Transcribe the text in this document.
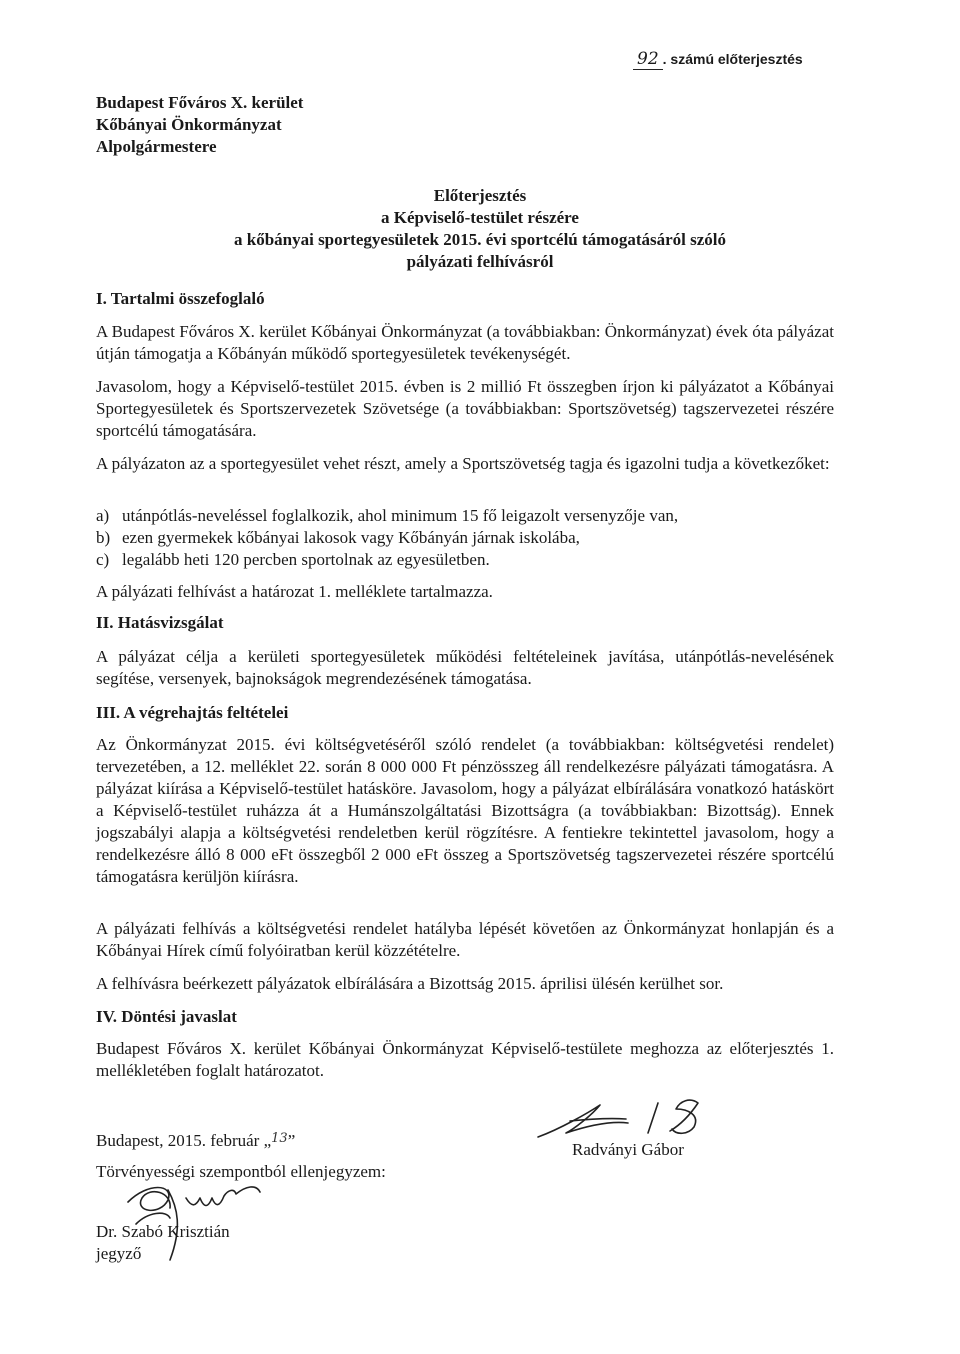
92 . számú előterjesztés
Budapest Főváros X. kerület
Kőbányai Önkormányzat
Alpolgármestere
Előterjesztés
a Képviselő-testület részére
a kőbányai sportegyesületek 2015. évi sportcélú támogatásáról szóló
pályázati felhívásról
I. Tartalmi összefoglaló
A Budapest Főváros X. kerület Kőbányai Önkormányzat (a továbbiakban: Önkormányzat) évek óta pályázat útján támogatja a Kőbányán működő sportegyesületek tevékenységét.
Javasolom, hogy a Képviselő-testület 2015. évben is 2 millió Ft összegben írjon ki pályázatot a Kőbányai Sportegyesületek és Sportszervezetek Szövetsége (a továbbiakban: Sportszövetség) tagszervezetei részére sportcélú támogatására.
A pályázaton az a sportegyesület vehet részt, amely a Sportszövetség tagja és igazolni tudja a következőket:
a) utánpótlás-neveléssel foglalkozik, ahol minimum 15 fő leigazolt versenyzője van,
b) ezen gyermekek kőbányai lakosok vagy Kőbányán járnak iskolába,
c) legalább heti 120 percben sportolnak az egyesületben.
A pályázati felhívást a határozat 1. melléklete tartalmazza.
II. Hatásvizsgálat
A pályázat célja a kerületi sportegyesületek működési feltételeinek javítása, utánpótlás-nevelésének segítése, versenyek, bajnokságok megrendezésének támogatása.
III. A végrehajtás feltételei
Az Önkormányzat 2015. évi költségvetéséről szóló rendelet (a továbbiakban: költségvetési rendelet) tervezetében, a 12. melléklet 22. során 8 000 000 Ft pénzösszeg áll rendelkezésre pályázati támogatásra. A pályázat kiírása a Képviselő-testület hatásköre. Javasolom, hogy a pályázat elbírálására vonatkozó hatáskört a Képviselő-testület ruházza át a Humánszolgáltatási Bizottságra (a továbbiakban: Bizottság). Ennek jogszabályi alapja a költségvetési rendeletben kerül rögzítésre. A fentiekre tekintettel javasolom, hogy a rendelkezésre álló 8 000 eFt összegből 2 000 eFt összeg a Sportszövetség tagszervezetei részére sportcélú támogatásra kerüljön kiírásra.
A pályázati felhívás a költségvetési rendelet hatályba lépését követően az Önkormányzat honlapján és a Kőbányai Hírek című folyóiratban kerül közzétételre.
A felhívásra beérkezett pályázatok elbírálására a Bizottság 2015. áprilisi ülésén kerülhet sor.
IV. Döntési javaslat
Budapest Főváros X. kerület Kőbányai Önkormányzat Képviselő-testülete meghozza az előterjesztés 1. mellékletében foglalt határozatot.
Budapest, 2015. február „$^{13}$”	Radványi Gábor
Törvényességi szempontból ellenjegyzem:
Dr. Szabó Krisztián
jegyző
